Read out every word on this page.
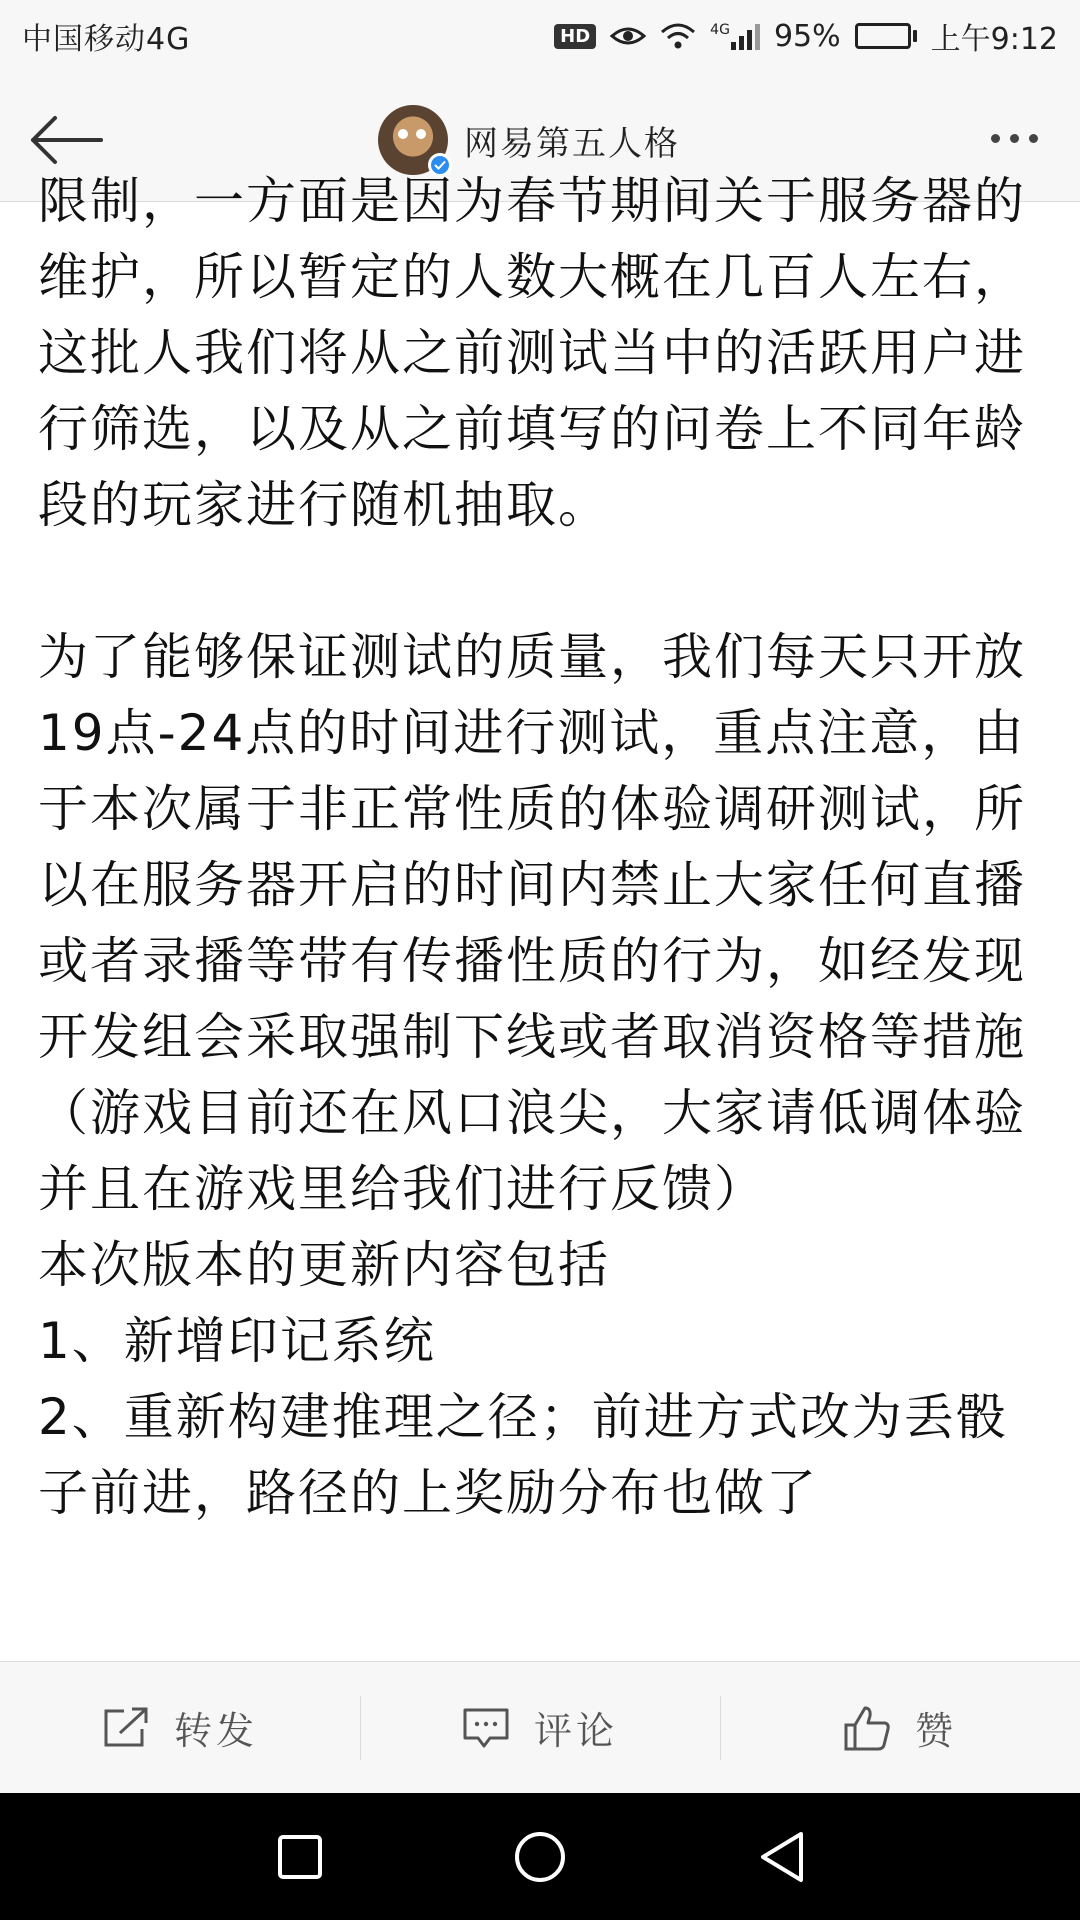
中国移动4G	HD	4G 95%	上午9:12
网易第五人格

限制，一方面是因为春节期间关于服务器的维护，所以暂定的人数大概在几百人左右，这批人我们将从之前测试当中的活跃用户进行筛选，以及从之前填写的问卷上不同年龄段的玩家进行随机抽取。

为了能够保证测试的质量，我们每天只开放19点-24点的时间进行测试，重点注意，由于本次属于非正常性质的体验调研测试，所以在服务器开启的时间内禁止大家任何直播或者录播等带有传播性质的行为，如经发现开发组会采取强制下线或者取消资格等措施（游戏目前还在风口浪尖，大家请低调体验并且在游戏里给我们进行反馈）

本次版本的更新内容包括

1、新增印记系统

2、重新构建推理之径；前进方式改为丢骰子前进，路径的上奖励分布也做了

转发	评论	赞
